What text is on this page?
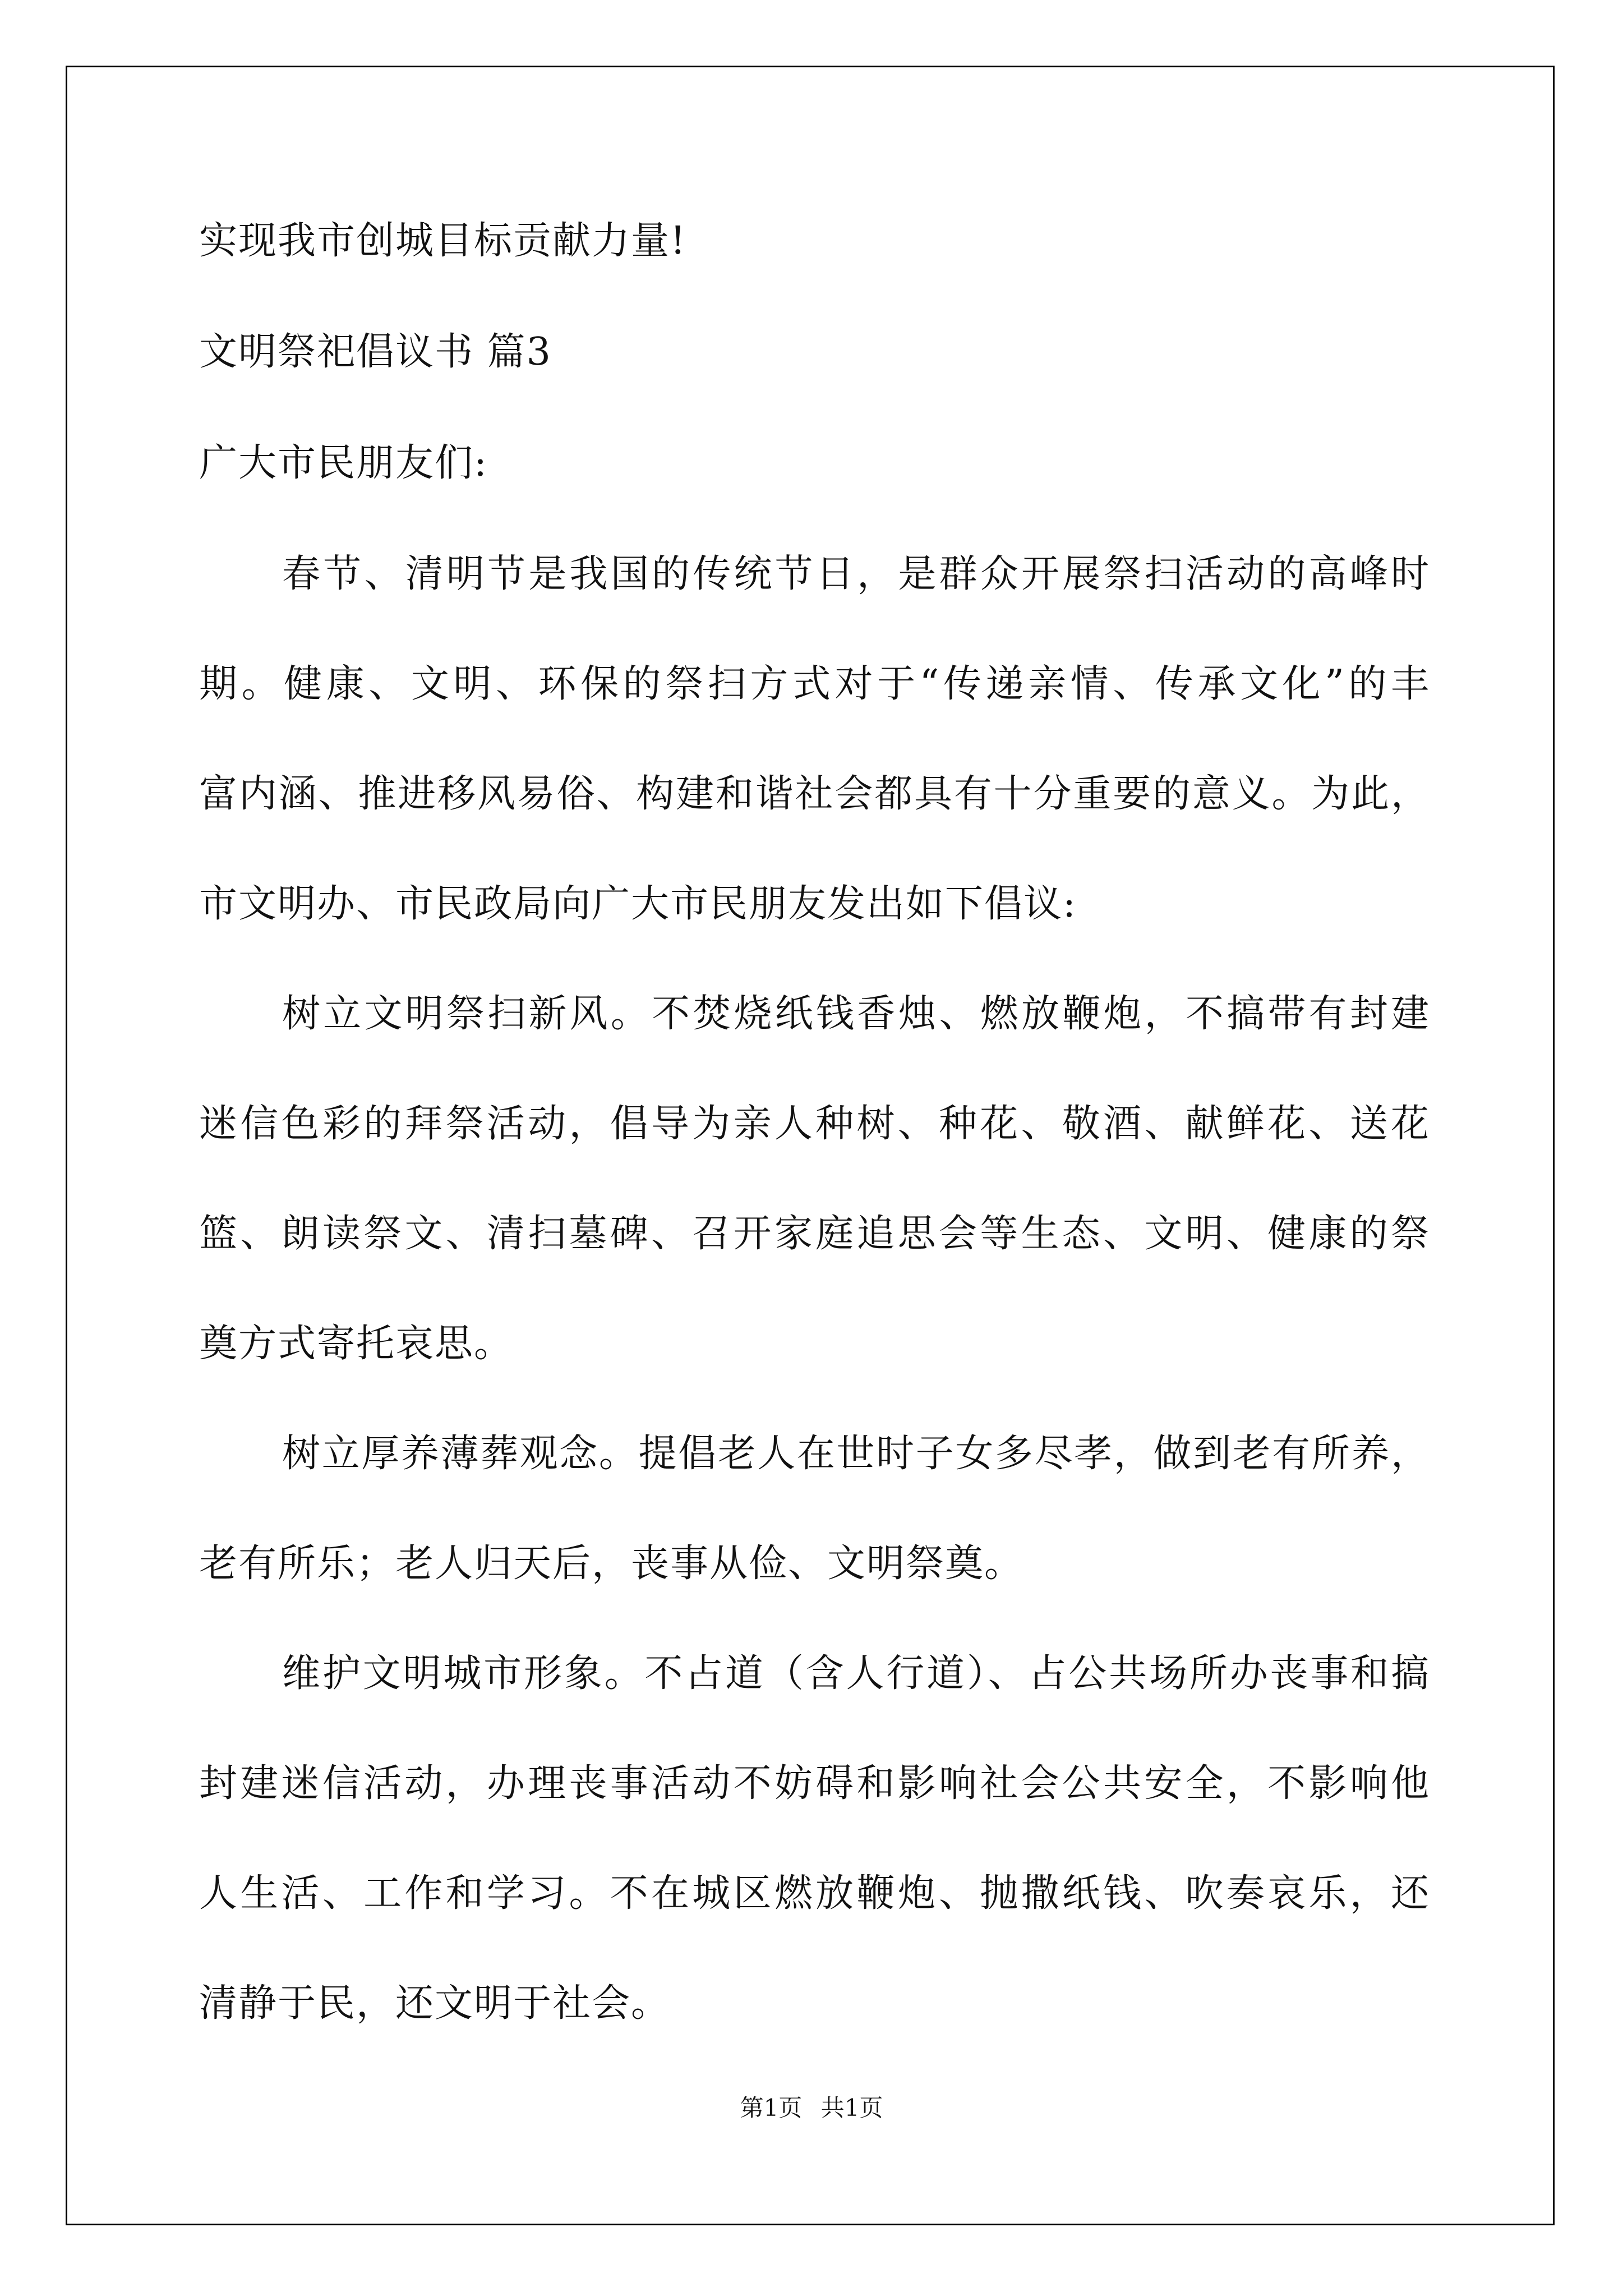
实现我市创城目标贡献力量!
文明祭祀倡议书 篇3
广大市民朋友们:
春节、清明节是我国的传统节日，是群众开展祭扫活动的高峰时
期。健康、文明、环保的祭扫方式对于“传递亲情、传承文化”的丰
富内涵、推进移风易俗、构建和谐社会都具有十分重要的意义。为此，
市文明办、市民政局向广大市民朋友发出如下倡议:
树立文明祭扫新风。不焚烧纸钱香烛、燃放鞭炮，不搞带有封建
迷信色彩的拜祭活动，倡导为亲人种树、种花、敬酒、献鲜花、送花
篮、朗读祭文、清扫墓碑、召开家庭追思会等生态、文明、健康的祭
奠方式寄托哀思。
树立厚养薄葬观念。提倡老人在世时子女多尽孝，做到老有所养，
老有所乐；老人归天后，丧事从俭、文明祭奠。
维护文明城市形象。不占道（含人行道）、占公共场所办丧事和搞
封建迷信活动，办理丧事活动不妨碍和影响社会公共安全，不影响他
人生活、工作和学习。不在城区燃放鞭炮、抛撒纸钱、吹奏哀乐，还
清静于民，还文明于社会。
第1页 共1页
